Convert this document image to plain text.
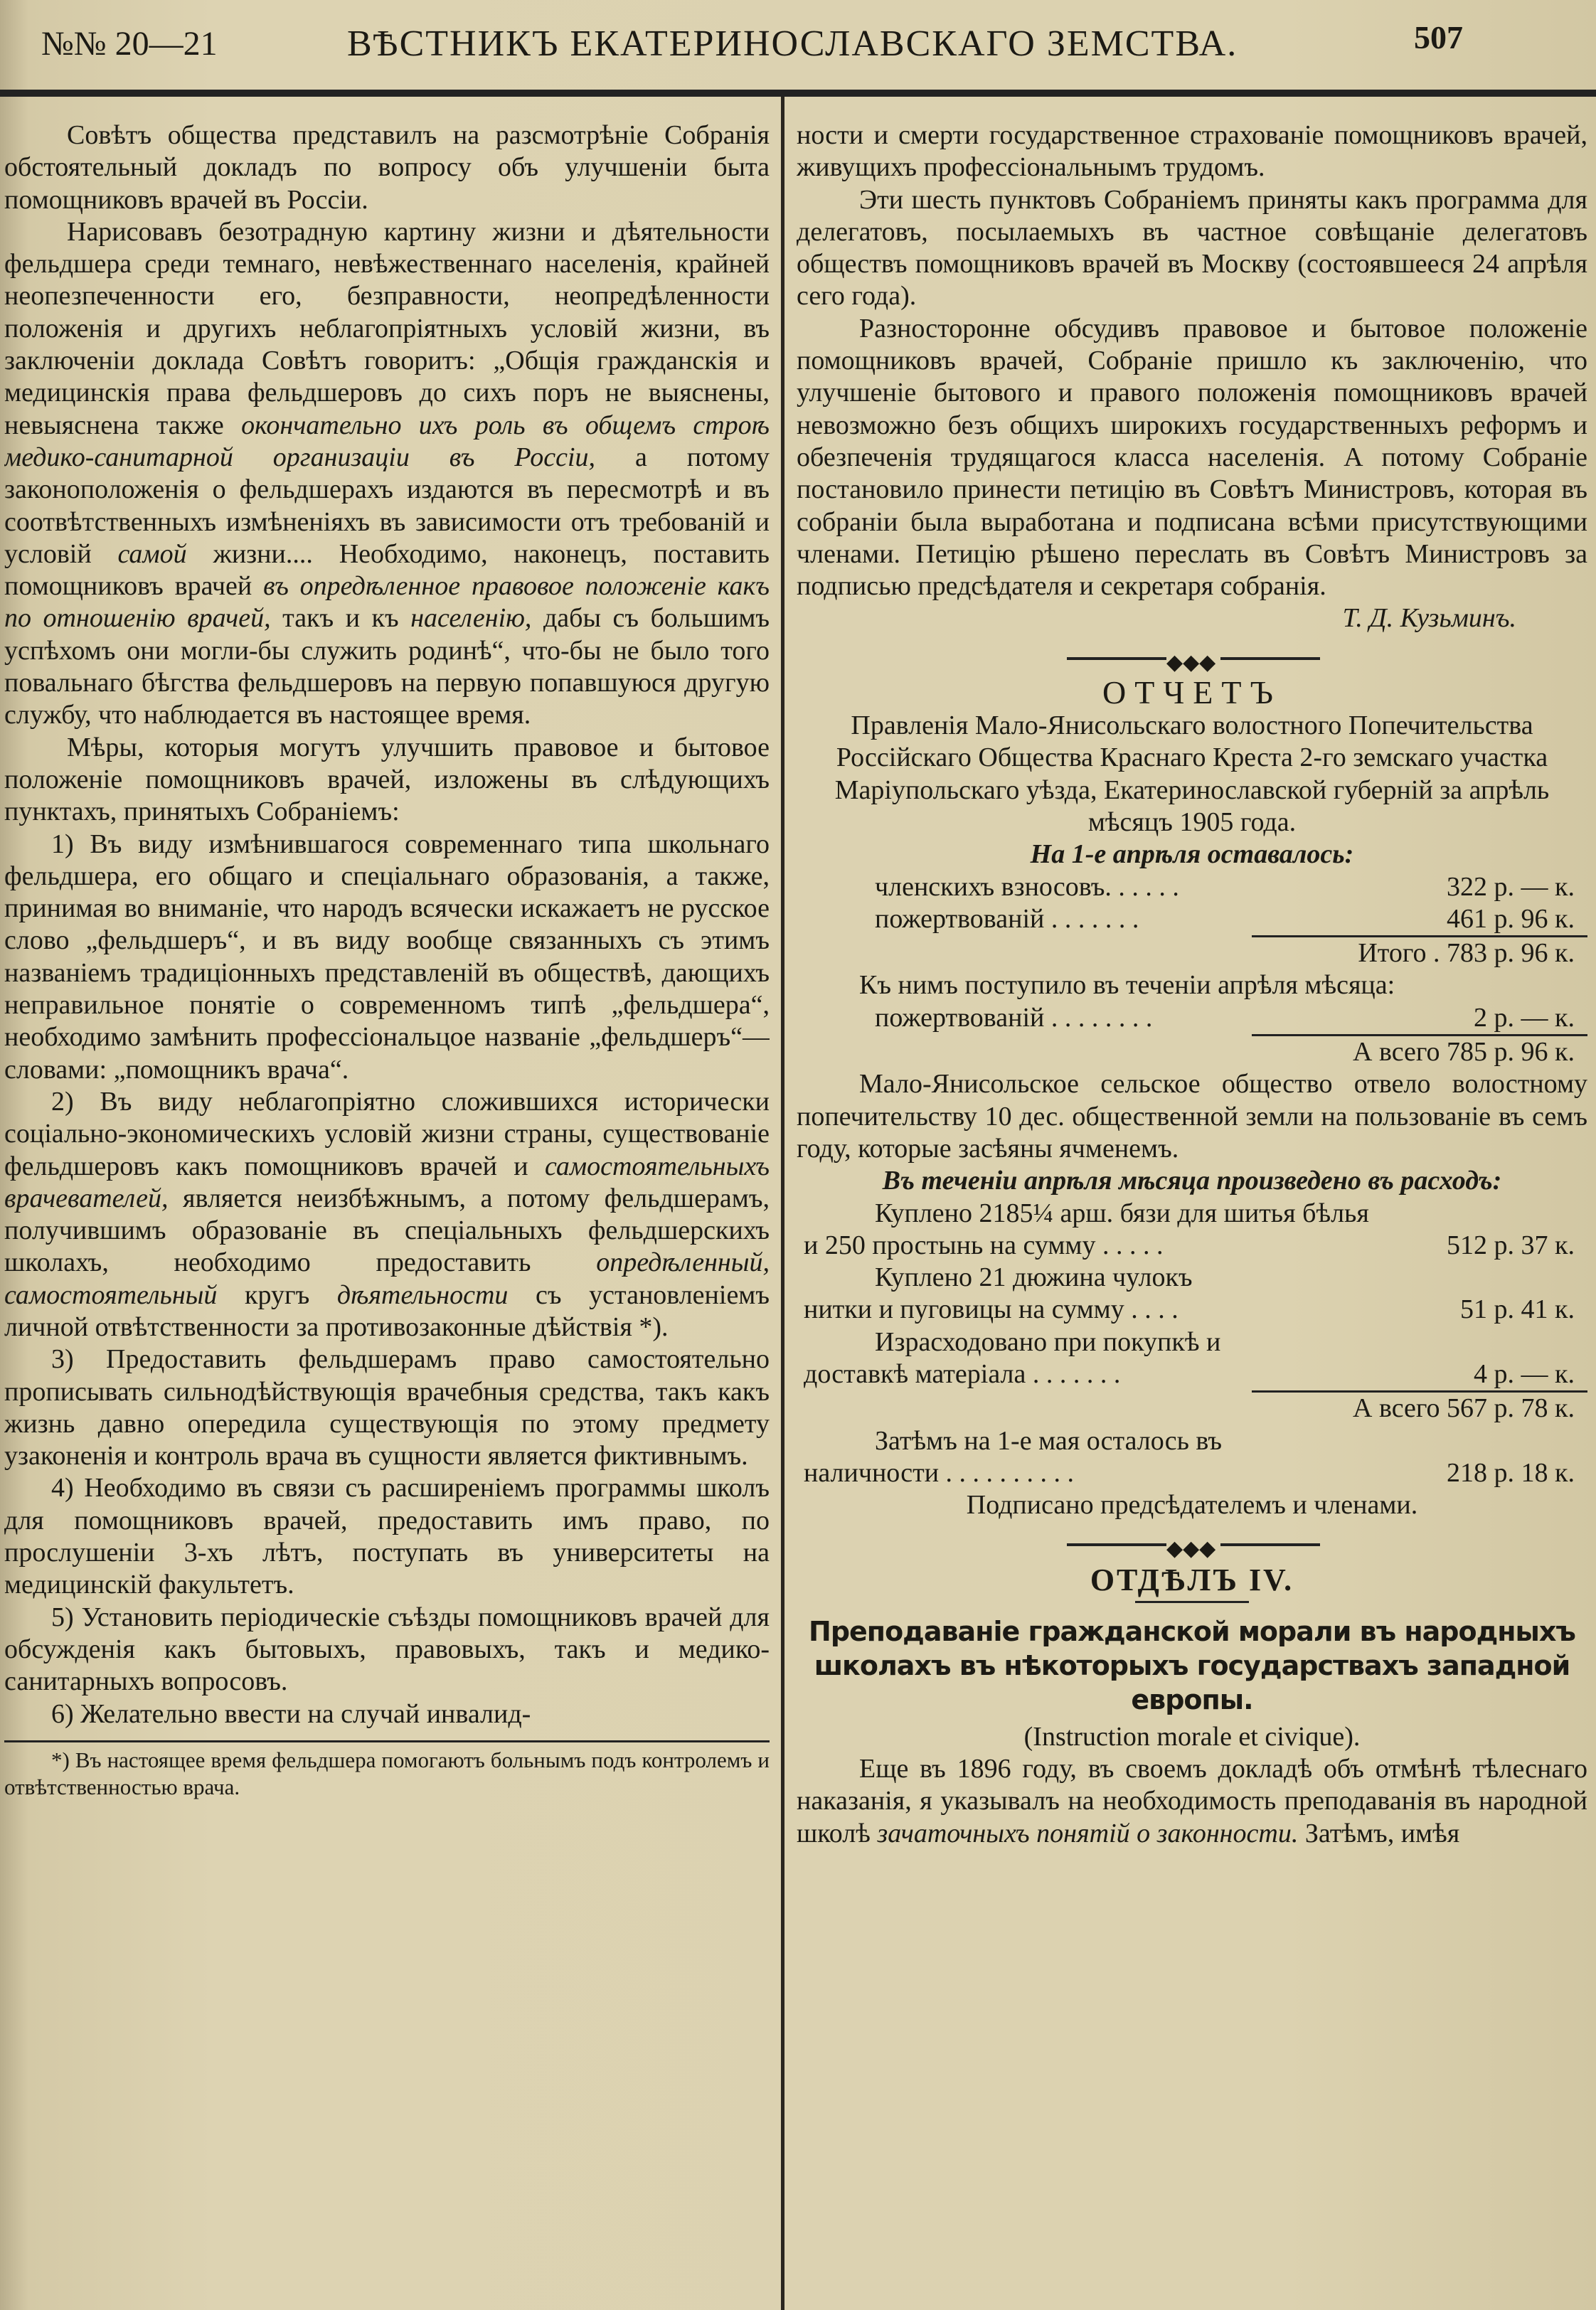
№№ 20—21	ВѢСТНИКЪ ЕКАТЕРИНОСЛАВСКАГО ЗЕМСТВА.	507

Совѣтъ общества представилъ на разсмотрѣніе Собранія обстоятельный докладъ по вопросу объ улучшеніи быта помощниковъ врачей въ Россіи.

Нарисовавъ безотрадную картину жизни и дѣятельности фельдшера среди темнаго, невѣжественнаго населенія, крайней неопезпеченности его, безправности, неопредѣленности положенія и другихъ неблагопріятныхъ условій жизни, въ заключеніи доклада Совѣтъ говоритъ: „Общія гражданскія и медицинскія права фельдшеровъ до сихъ поръ не выяснены, невыяснена также окончательно ихъ роль въ общемъ строѣ медико-санитарной организаціи въ Россіи, а потому законоположенія о фельдшерахъ издаются въ пересмотрѣ и въ соотвѣтственныхъ измѣненіяхъ въ зависимости отъ требованій и условій самой жизни.... Необходимо, наконецъ, поставить помощниковъ врачей въ опредѣленное правовое положеніе какъ по отношенію врачей, такъ и къ населенію, дабы съ большимъ успѣхомъ они могли-бы служить родинѣ“, что-бы не было того повальнаго бѣгства фельдшеровъ на первую попавшуюся другую службу, что наблюдается въ настоящее время.

Мѣры, которыя могутъ улучшить правовое и бытовое положеніе помощниковъ врачей, изложены въ слѣдующихъ пунктахъ, принятыхъ Собраніемъ:

1) Въ виду измѣнившагося современнаго типа школьнаго фельдшера, его общаго и спеціальнаго образованія, а также, принимая во вниманіе, что народъ всячески искажаетъ не русское слово „фельдшеръ“, и въ виду вообще связанныхъ съ этимъ названіемъ традиціонныхъ представленій въ обществѣ, дающихъ неправильное понятіе о современномъ типѣ „фельдшера“, необходимо замѣнить профессіональцое названіе „фельдшеръ“—словами: „помощникъ врача“.

2) Въ виду неблагопріятно сложившихся исторически соціально-экономическихъ условій жизни страны, существованіе фельдшеровъ какъ помощниковъ врачей и самостоятельныхъ врачевателей, является неизбѣжнымъ, а потому фельдшерамъ, получившимъ образованіе въ спеціальныхъ фельдшерскихъ школахъ, необходимо предоставить опредѣленный, самостоятельный кругъ дѣятельности съ установленіемъ личной отвѣтственности за противозаконные дѣйствія *).

3) Предоставить фельдшерамъ право самостоятельно прописывать сильнодѣйствующія врачебныя средства, такъ какъ жизнь давно опередила существующія по этому предмету узаконенія и контроль врача въ сущности является фиктивнымъ.

4) Необходимо въ связи съ расширеніемъ программы школъ для помощниковъ врачей, предоставить имъ право, по прослушеніи 3-хъ лѣтъ, поступать въ университеты на медицинскій факультетъ.

5) Установить періодическіе съѣзды помощниковъ врачей для обсужденія какъ бытовыхъ, правовыхъ, такъ и медико-санитарныхъ вопросовъ.

6) Желательно ввести на случай инвалид-

*) Въ настоящее время фельдшера помогаютъ больнымъ подъ контролемъ и отвѣтственностью врача.

ности и смерти государственное страхованіе помощниковъ врачей, живущихъ профессіональнымъ трудомъ.

Эти шесть пунктовъ Собраніемъ приняты какъ программа для делегатовъ, посылаемыхъ въ частное совѣщаніе делегатовъ обществъ помощниковъ врачей въ Москву (состоявшееся 24 апрѣля сего года).

Разносторонне обсудивъ правовое и бытовое положеніе помощниковъ врачей, Собраніе пришло къ заключенію, что улучшеніе бытового и правого положенія помощниковъ врачей невозможно безъ общихъ широкихъ государственныхъ реформъ и обезпеченія трудящагося класса населенія. А потому Собраніе постановило принести петицію въ Совѣтъ Министровъ, которая въ собраніи была выработана и подписана всѣми присутствующими членами. Петицію рѣшено переслать въ Совѣтъ Министровъ за подписью предсѣдателя и секретаря собранія.

Т. Д. Кузьминъ.
◆◆◆
ОТЧЕТЪ
Правленія Мало-Янисольскаго волостного Попечительства Россійскаго Общества Краснаго Креста 2-го земскаго участка Маріупольскаго уѣзда, Екатеринославской губерній за апрѣль мѣсяцъ 1905 года.
На 1-е апрѣля оставалось:
членскихъ взносовъ. . . . . .	322 р. — к.
пожертвованій . . . . . . .	461 р. 96 к.
Итого . 783 р. 96 к.

Къ нимъ поступило въ теченіи апрѣля мѣсяца:

пожертвованій . . . . . . . .	2 р. — к.
А всего 785 р. 96 к.

Мало-Янисольское сельское общество отвело волостному попечительству 10 дес. общественной земли на пользованіе въ семъ году, которые засѣяны ячменемъ.

Въ теченіи апрѣля мѣсяца произведено въ расходъ:
Куплено 2185¼ арш. бязи для шитья бѣлья
и 250 простынь на сумму . . . . .	512 р. 37 к.
Куплено 21 дюжина чулокъ
нитки и пуговицы на сумму . . . .	51 р. 41 к.
Израсходовано при покупкѣ и
доставкѣ матеріала . . . . . . .	4 р. — к.
А всего 567 р. 78 к.
Затѣмъ на 1-е мая осталось въ
наличности . . . . . . . . . .	218 р. 18 к.
Подписано предсѣдателемъ и членами.
◆◆◆
ОТДѢЛЪ IV.
Преподаваніе гражданской морали въ народныхъ школахъ въ нѣкоторыхъ государствахъ западной европы.
(Instruction morale et civique).

Еще въ 1896 году, въ своемъ докладѣ объ отмѣнѣ тѣлеснаго наказанія, я указывалъ на необходимость преподаванія въ народной школѣ зачаточныхъ понятій о законности. Затѣмъ, имѣя
